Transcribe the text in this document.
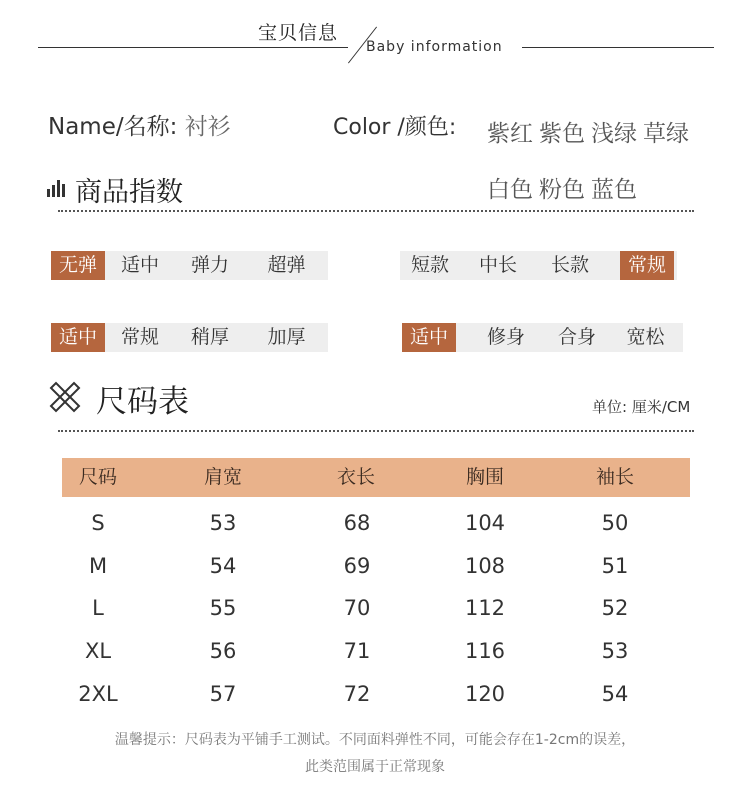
宝贝信息
Baby information
Name/名称: 衬衫	Color /颜色: 紫红 紫色 浅绿 草绿
白色 粉色 蓝色
商品指数
无弹	适中	弹力	超弹	短款	中长	长款	常规
适中	常规	稍厚	加厚	适中	修身	合身	宽松
尺码表	单位: 厘米/CM
尺码	肩宽	衣长	胸围	袖长
S	53	68	104	50
M	54	69	108	51
L	55	70	112	52
XL	56	71	116	53
2XL	57	72	120	54
温馨提示：尺码表为平铺手工测试。不同面料弹性不同，可能会存在1-2cm的误差，
此类范围属于正常现象
